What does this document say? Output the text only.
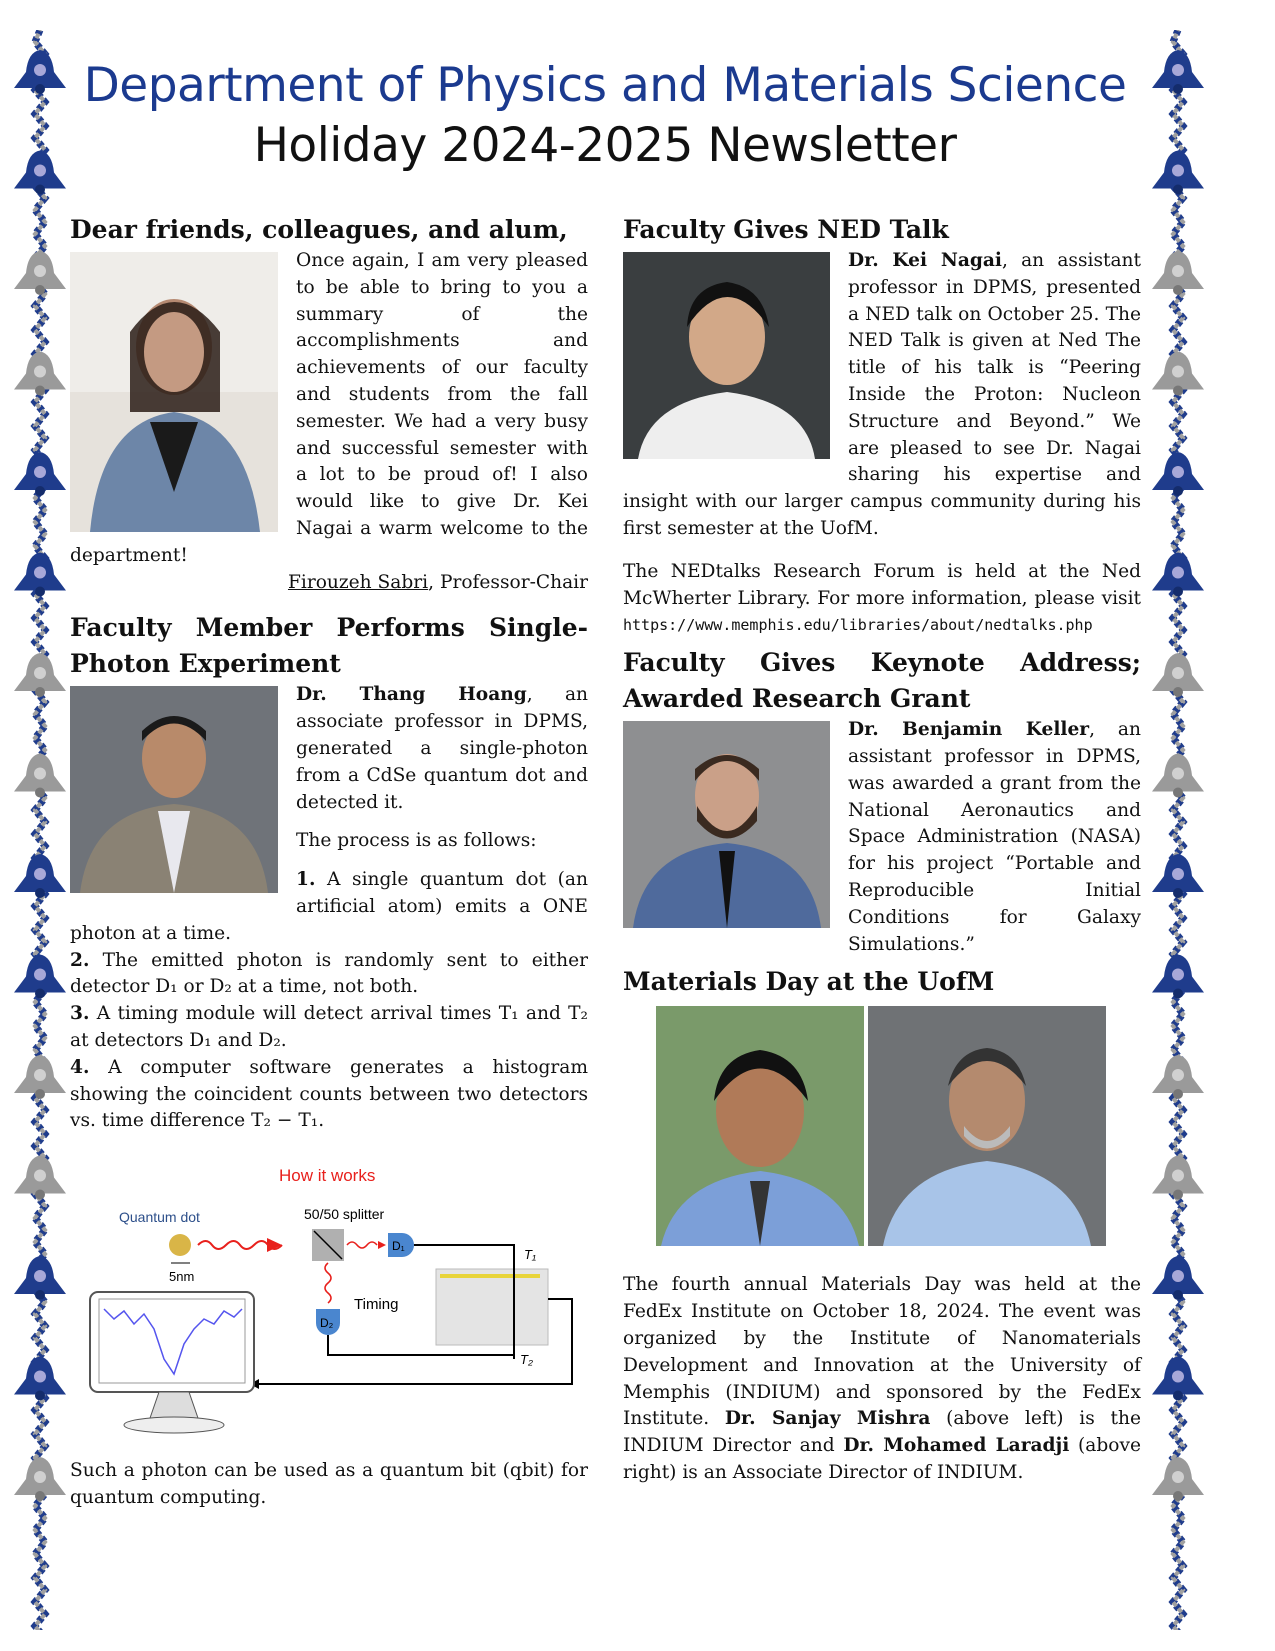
Department of Physics and Materials Science
Holiday 2024-2025 Newsletter
Dear friends, colleagues, and alum,

Once again, I am very pleased to be able to bring to you a summary of the accomplishments and achievements of our faculty and students from the fall semester. We had a very busy and successful semester with a lot to be proud of! I also would like to give Dr. Kei Nagai a warm welcome to the department!

Firouzeh Sabri, Professor-Chair

Faculty Member Performs Single-Photon Experiment

Dr. Thang Hoang, an associate professor in DPMS, generated a single-photon from a CdSe quantum dot and detected it.

The process is as follows:

1. A single quantum dot (an artificial atom) emits a ONE photon at a time.

2. The emitted photon is randomly sent to either detector D₁ or D₂ at a time, not both.

3. A timing module will detect arrival times T₁ and T₂ at detectors D₁ and D₂.

4. A computer software generates a histogram showing the coincident counts between two detectors vs. time difference T₂ − T₁.

How it works
Quantum dot
5nm
50/50 splitter
D₁
D₂
T₁
T₂
Timing

Such a photon can be used as a quantum bit (qbit) for quantum computing.

Faculty Gives NED Talk

Dr. Kei Nagai, an assistant professor in DPMS, presented a NED talk on October 25. The NED Talk is given at Ned The title of his talk is “Peering Inside the Proton: Nucleon Structure and Beyond.” We are pleased to see Dr. Nagai sharing his expertise and insight with our larger campus community during his first semester at the UofM.

The NEDtalks Research Forum is held at the Ned McWherter Library. For more information, please visit https://www.memphis.edu/libraries/about/nedtalks.php

Faculty Gives Keynote Address; Awarded Research Grant

Dr. Benjamin Keller, an assistant professor in DPMS, was awarded a grant from the National Aeronautics and Space Administration (NASA) for his project “Portable and Reproducible Initial Conditions for Galaxy Simulations.”

Materials Day at the UofM

The fourth annual Materials Day was held at the FedEx Institute on October 18, 2024. The event was organized by the Institute of Nanomaterials Development and Innovation at the University of Memphis (INDIUM) and sponsored by the FedEx Institute. Dr. Sanjay Mishra (above left) is the INDIUM Director and Dr. Mohamed Laradji (above right) is an Associate Director of INDIUM.
